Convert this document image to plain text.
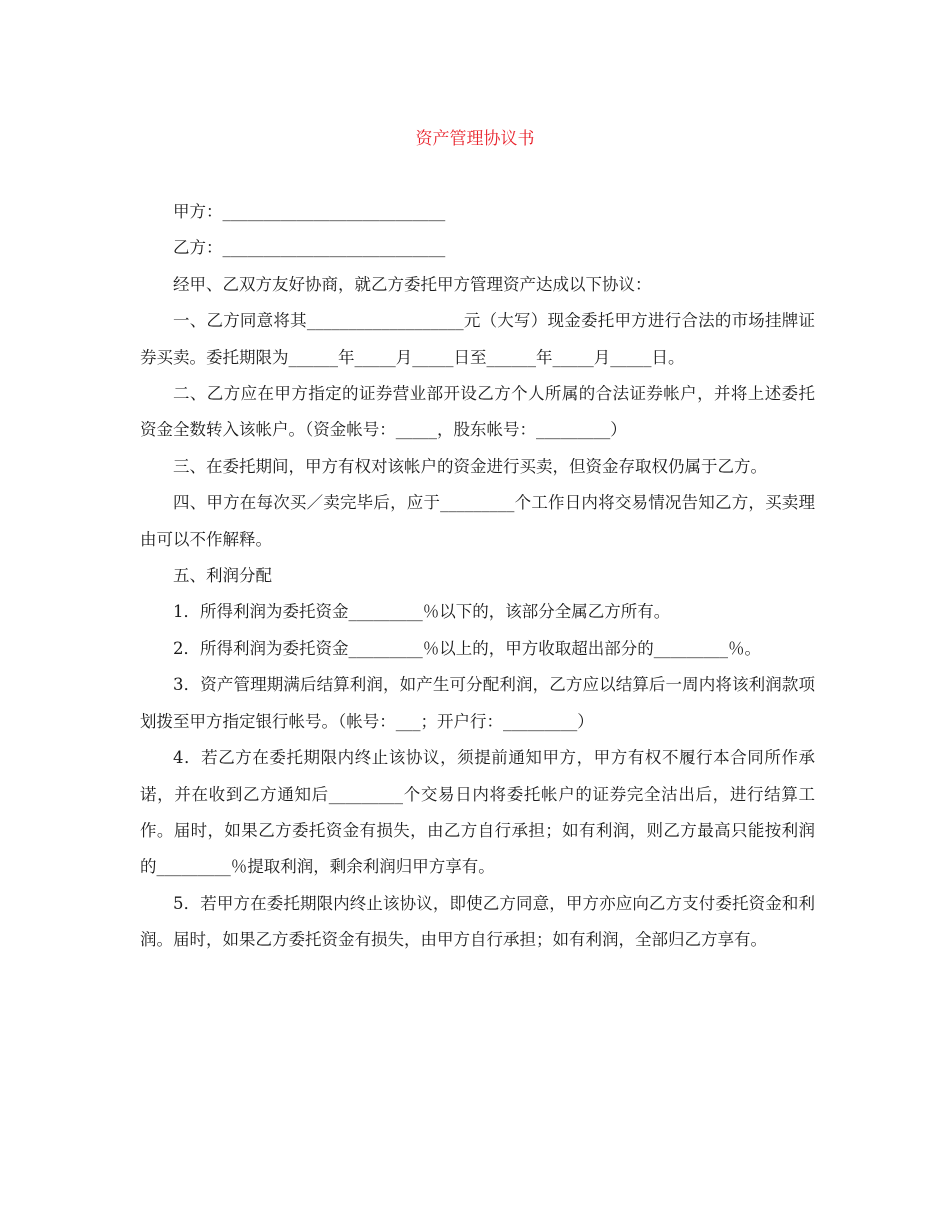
资产管理协议书

甲方：___________________________

乙方：___________________________

经甲、乙双方友好协商，就乙方委托甲方管理资产达成以下协议：

一、乙方同意将其___________________元（大写）现金委托甲方进行合法的市场挂牌证券买卖。委托期限为______年_____月_____日至______年_____月_____日。

二、乙方应在甲方指定的证券营业部开设乙方个人所属的合法证券帐户，并将上述委托资金全数转入该帐户。（资金帐号：_____，股东帐号：_________）

三、在委托期间，甲方有权对该帐户的资金进行买卖，但资金存取权仍属于乙方。

四、甲方在每次买／卖完毕后，应于_________个工作日内将交易情况告知乙方，买卖理由可以不作解释。

五、利润分配

1．所得利润为委托资金_________％以下的，该部分全属乙方所有。

2．所得利润为委托资金_________％以上的，甲方收取超出部分的_________％。

3．资产管理期满后结算利润，如产生可分配利润，乙方应以结算后一周内将该利润款项划拨至甲方指定银行帐号。（帐号：___；开户行：_________）

4．若乙方在委托期限内终止该协议，须提前通知甲方，甲方有权不履行本合同所作承诺，并在收到乙方通知后_________个交易日内将委托帐户的证券完全沽出后，进行结算工作。届时，如果乙方委托资金有损失，由乙方自行承担；如有利润，则乙方最高只能按利润的_________％提取利润，剩余利润归甲方享有。

5．若甲方在委托期限内终止该协议，即使乙方同意，甲方亦应向乙方支付委托资金和利润。届时，如果乙方委托资金有损失，由甲方自行承担；如有利润，全部归乙方享有。
